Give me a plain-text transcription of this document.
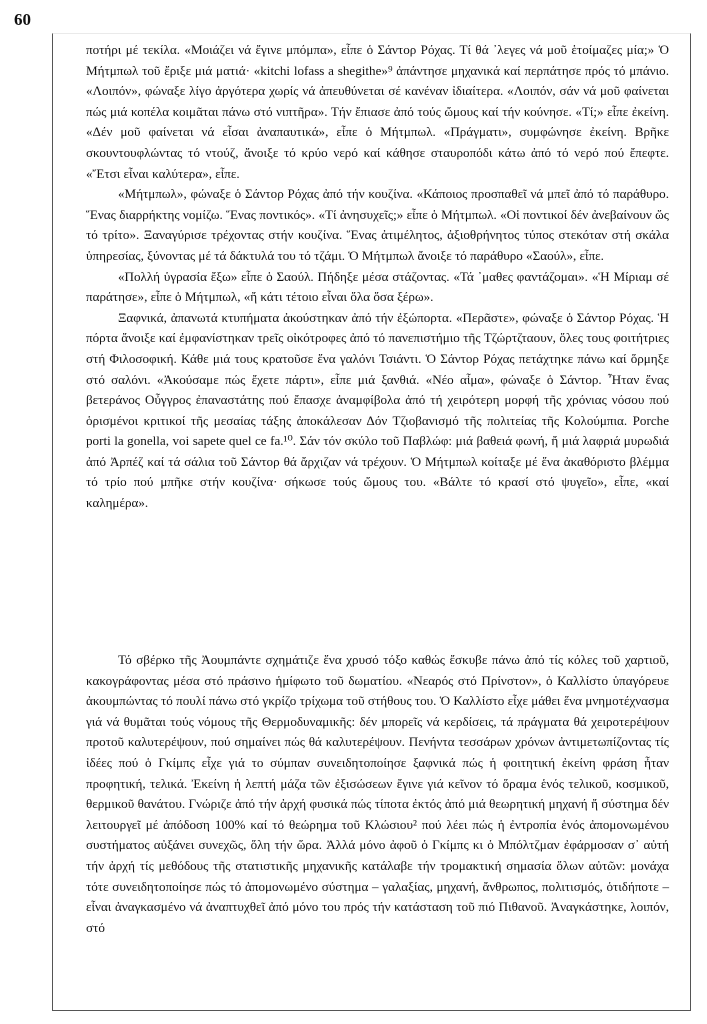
60

ποτήρι μέ τεκίλα. «Μοιάζει νά ἔγινε μπόμπα», εἶπε ὁ Σάντορ Ρόχας. Τί θά ᾽λεγες νά μοῦ ἑτοίμαζες μία;» Ὁ Μήτμπωλ τοῦ ἔριξε μιά ματιά· «kitchi lofass a shegithe»⁹ ἀπάντησε μηχανικά καί περπάτησε πρός τό μπάνιο. «Λοιπόν», φώναξε λίγο ἀργότερα χωρίς νά ἀπευθύνεται σέ κανέναν ἰδιαίτερα. «Λοιπόν, σάν νά μοῦ φαίνεται πώς μιά κοπέλα κοιμᾶται πάνω στό νιπτῆρα». Τήν ἔπιασε ἀπό τούς ὤμους καί τήν κούνησε. «Τί;» εἶπε ἐκείνη. «Δέν μοῦ φαίνεται νά εἶσαι ἀναπαυτικά», εἶπε ὁ Μήτμπωλ. «Πράγματι», συμφώνησε ἐκείνη. Βρῆκε σκουντουφλώντας τό ντούζ, ἄνοιξε τό κρύο νερό καί κάθησε σταυροπόδι κάτω ἀπό τό νερό πού ἔπεφτε. «Ἔτσι εἶναι καλύτερα», εἶπε.

«Μήτμπωλ», φώναξε ὁ Σάντορ Ρόχας ἀπό τήν κουζίνα. «Κάποιος προσπαθεῖ νά μπεῖ ἀπό τό παράθυρο. Ἕνας διαρρήκτης νομίζω. Ἕνας ποντικός». «Τί ἀνησυχεῖς;» εἶπε ὁ Μήτμπωλ. «Οἱ ποντικοί δέν ἀνεβαίνουν ὥς τό τρίτο». Ξαναγύρισε τρέχοντας στήν κουζίνα. Ἕνας ἀτιμέλητος, ἀξιοθρήνητος τύπος στεκόταν στή σκάλα ὑπηρεσίας, ξύνοντας μέ τά δάκτυλά του τό τζάμι. Ὁ Μήτμπωλ ἄνοιξε τό παράθυρο «Σαούλ», εἶπε.

«Πολλή ὑγρασία ἔξω» εἶπε ὁ Σαούλ. Πήδηξε μέσα στάζοντας. «Τά ᾽μαθες φαντάζομαι». «Ἡ Μίριαμ σέ παράτησε», εἶπε ὁ Μήτμπωλ, «ἤ κάτι τέτοιο εἶναι ὅλα ὅσα ξέρω».

Ξαφνικά, ἀπανωτά κτυπήματα ἀκούστηκαν ἀπό τήν ἐξώπορτα. «Περᾶστε», φώναξε ὁ Σάντορ Ρόχας. Ἡ πόρτα ἄνοιξε καί ἐμφανίστηκαν τρεῖς οἰκότροφες ἀπό τό πανεπιστήμιο τῆς Τζώρτζταουν, ὅλες τους φοιτήτριες στή Φιλοσοφική. Κάθε μιά τους κρατοῦσε ἕνα γαλόνι Τσιάντι. Ὁ Σάντορ Ρόχας πετάχτηκε πάνω καί ὅρμηξε στό σαλόνι. «Ἀκούσαμε πώς ἔχετε πάρτι», εἶπε μιά ξανθιά. «Νέο αἷμα», φώναξε ὁ Σάντορ. Ἦταν ἕνας βετεράνος Οὖγγρος ἐπαναστάτης πού ἔπασχε ἀναμφίβολα ἀπό τή χειρότερη μορφή τῆς χρόνιας νόσου πού ὁρισμένοι κριτικοί τῆς μεσαίας τάξης ἀποκάλεσαν Δόν Τζιοβανισμό τῆς πολιτείας τῆς Κολούμπια. Porche porti la gonella, voi sapete quel ce fa.¹⁰. Σάν τόν σκύλο τοῦ Παβλώφ: μιά βαθειά φωνή, ἤ μιά λαφριά μυρωδιά ἀπό Ἀρπέζ καί τά σάλια τοῦ Σάντορ θά ἄρχιζαν νά τρέχουν. Ὁ Μήτμπωλ κοίταξε μέ ἕνα ἀκαθόριστο βλέμμα τό τρίο πού μπῆκε στήν κουζίνα· σήκωσε τούς ὤμους του. «Βάλτε τό κρασί στό ψυγεῖο», εἶπε, «καί καλημέρα».

Τό σβέρκο τῆς Ἀουμπάντε σχημάτιζε ἕνα χρυσό τόξο καθώς ἔσκυβε πάνω ἀπό τίς κόλες τοῦ χαρτιοῦ, κακογράφοντας μέσα στό πράσινο ἡμίφωτο τοῦ δωματίου. «Νεαρός στό Πρίνστον», ὁ Καλλίστο ὑπαγόρευε ἀκουμπώντας τό πουλί πάνω στό γκρίζο τρίχωμα τοῦ στήθους του. Ὁ Καλλίστο εἶχε μάθει ἕνα μνημοτέχνασμα γιά νά θυμᾶται τούς νόμους τῆς Θερμοδυναμικῆς: δέν μπορεῖς νά κερδίσεις, τά πράγματα θά χειροτερέψουν προτοῦ καλυτερέψουν, πού σημαίνει πώς θά καλυτερέψουν. Πενήντα τεσσάρων χρόνων ἀντιμετωπίζοντας τίς ἰδέες πού ὁ Γκίμπς εἶχε γιά το σύμπαν συνειδητοποίησε ξαφνικά πώς ἡ φοιτητική ἐκείνη φράση ἦταν προφητική, τελικά. Ἐκείνη ἡ λεπτή μάζα τῶν ἐξισώσεων ἔγινε γιά κεῖνον τό ὅραμα ἑνός τελικοῦ, κοσμικοῦ, θερμικοῦ θανάτου. Γνώριζε ἀπό τήν ἀρχή φυσικά πώς τίποτα ἐκτός ἀπό μιά θεωρητική μηχανή ἤ σύστημα δέν λειτουργεῖ μέ ἀπόδοση 100% καί τό θεώρημα τοῦ Κλώσιου² πού λέει πώς ἡ ἐντροπία ἑνός ἀπομονωμένου συστήματος αὐξάνει συνεχῶς, ὅλη τήν ὥρα. Ἀλλά μόνο ἀφοῦ ὁ Γκίμπς κι ὁ Μπόλτζμαν ἐφάρμοσαν σ᾽ αὐτή τήν ἀρχή τίς μεθόδους τῆς στατιστικῆς μηχανικῆς κατάλαβε τήν τρομακτική σημασία ὅλων αὐτῶν: μονάχα τότε συνειδητοποίησε πώς τό ἀπομονωμένο σύστημα – γαλαξίας, μηχανή, ἄνθρωπος, πολιτισμός, ὁτιδήποτε – εἶναι ἀναγκασμένο νά ἀναπτυχθεῖ ἀπό μόνο του πρός τήν κατάσταση τοῦ πιό Πιθανοῦ. Ἀναγκάστηκε, λοιπόν, στό
